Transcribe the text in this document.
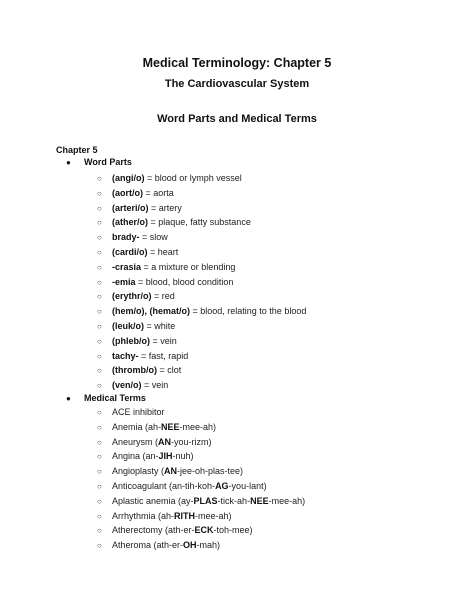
Medical Terminology: Chapter 5
The Cardiovascular System
Word Parts and Medical Terms
Chapter 5
● Word Parts
○ (angi/o) = blood or lymph vessel
○ (aort/o) = aorta
○ (arteri/o) = artery
○ (ather/o) = plaque, fatty substance
○ brady- = slow
○ (cardi/o) = heart
○ -crasia = a mixture or blending
○ -emia = blood, blood condition
○ (erythr/o) = red
○ (hem/o), (hemat/o) = blood, relating to the blood
○ (leuk/o) = white
○ (phleb/o) = vein
○ tachy- = fast, rapid
○ (thromb/o) = clot
○ (ven/o) = vein
● Medical Terms
○ ACE inhibitor
○ Anemia (ah-NEE-mee-ah)
○ Aneurysm (AN-you-rizm)
○ Angina (an-JIH-nuh)
○ Angioplasty (AN-jee-oh-plas-tee)
○ Anticoagulant (an-tih-koh-AG-you-lant)
○ Aplastic anemia (ay-PLAS-tick-ah-NEE-mee-ah)
○ Arrhythmia (ah-RITH-mee-ah)
○ Atherectomy (ath-er-ECK-toh-mee)
○ Atheroma (ath-er-OH-mah)
